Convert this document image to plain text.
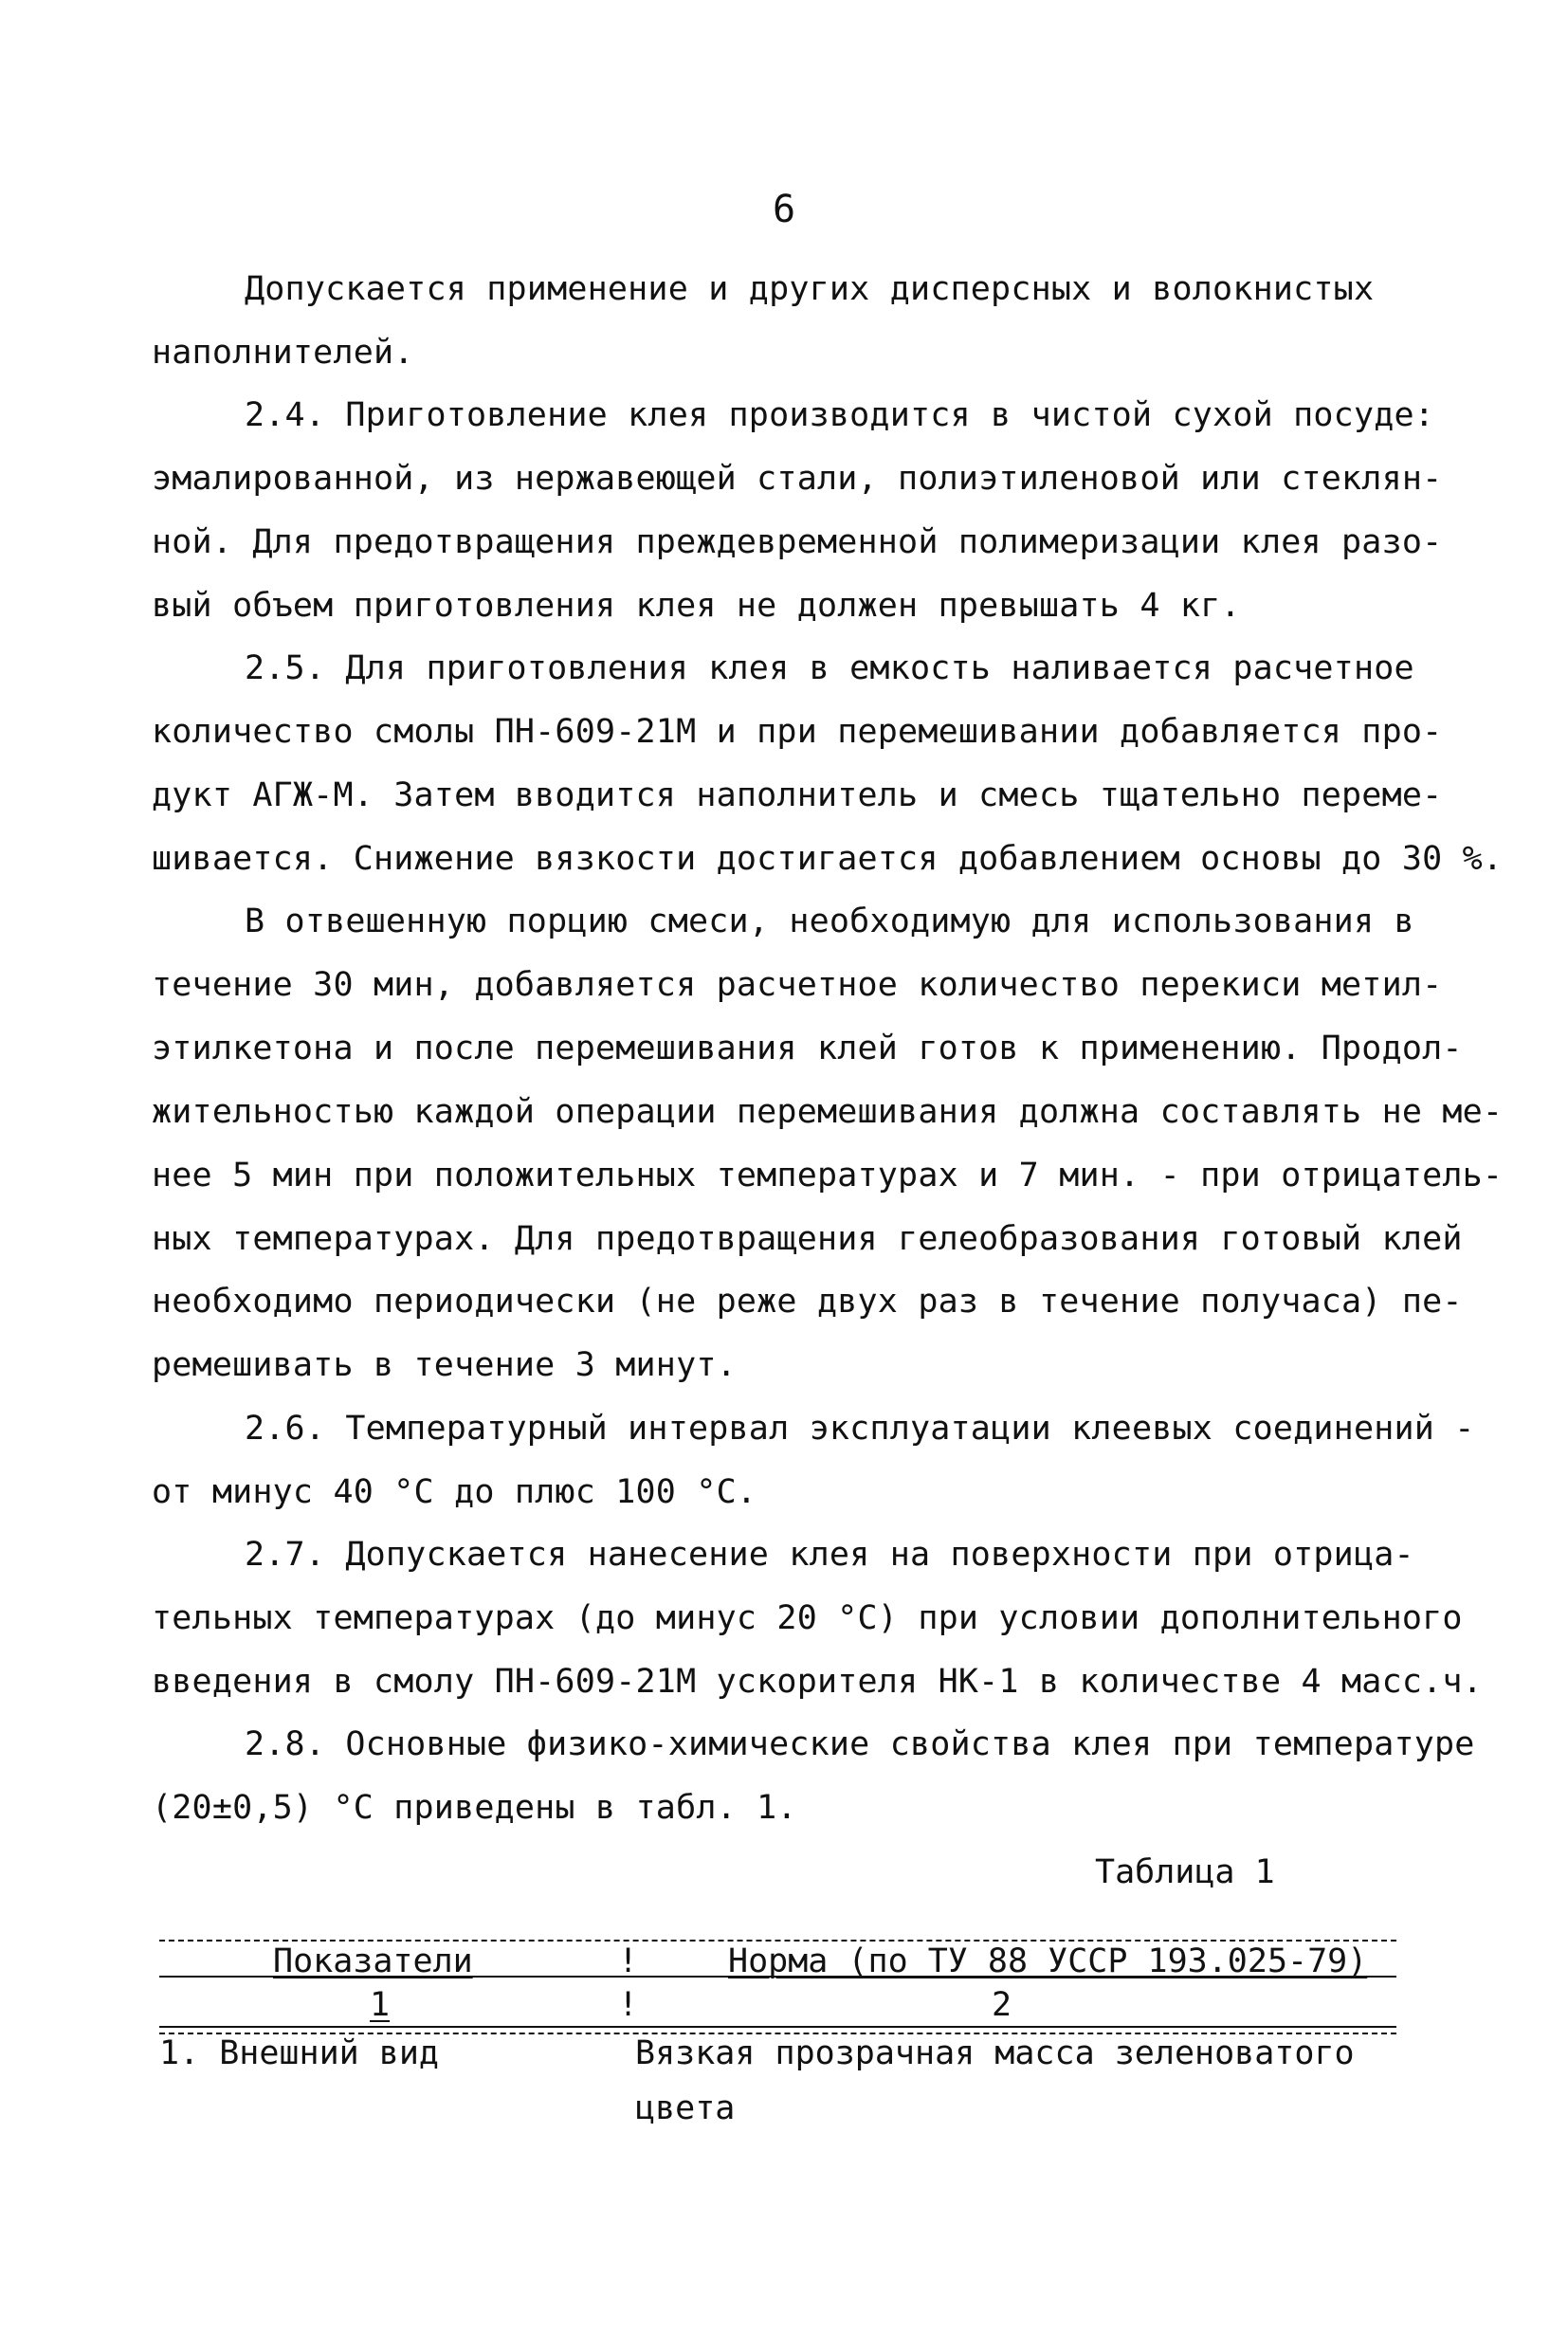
6
Допускается применение и других дисперсных и волокнистых
наполнителей.
2.4. Приготовление клея производится в чистой сухой посуде:
эмалированной, из нержавеющей стали, полиэтиленовой или стеклян-
ной. Для предотвращения преждевременной полимеризации клея разо-
вый объем приготовления клея не должен превышать 4 кг.
2.5. Для приготовления клея в емкость наливается расчетное
количество смолы ПН-609-21М и при перемешивании добавляется про-
дукт АГЖ-М. Затем вводится наполнитель и смесь тщательно переме-
шивается. Снижение вязкости достигается добавлением основы до 30 %.
В отвешенную порцию смеси, необходимую для использования в
течение 30 мин, добавляется расчетное количество перекиси метил-
этилкетона и после перемешивания клей готов к применению. Продол-
жительностью каждой операции перемешивания должна составлять не ме-
нее 5 мин при положительных температурах и 7 мин. - при отрицатель-
ных температурах. Для предотвращения гелеобразования готовый клей
необходимо периодически (не реже двух раз в течение получаса) пе-
ремешивать в течение 3 минут.
2.6. Температурный интервал эксплуатации клеевых соединений -
от минус 40 °С до плюс 100 °С.
2.7. Допускается нанесение клея на поверхности при отрицa-
тельных температурах (до минус 20 °С) при условии дополнительного
введения в смолу ПН-609-21М ускорителя НК-1 в количестве 4 масс.ч.
2.8. Основные физико-химические свойства клея при температуре
(20±0,5) °С приведены в табл. 1.
Таблица 1
Показатели	!	Норма (по ТУ 88 УССР 193.025-79)
1	!	2
1. Внешний вид	Вязкая прозрачная масса зеленоватого
цвета
